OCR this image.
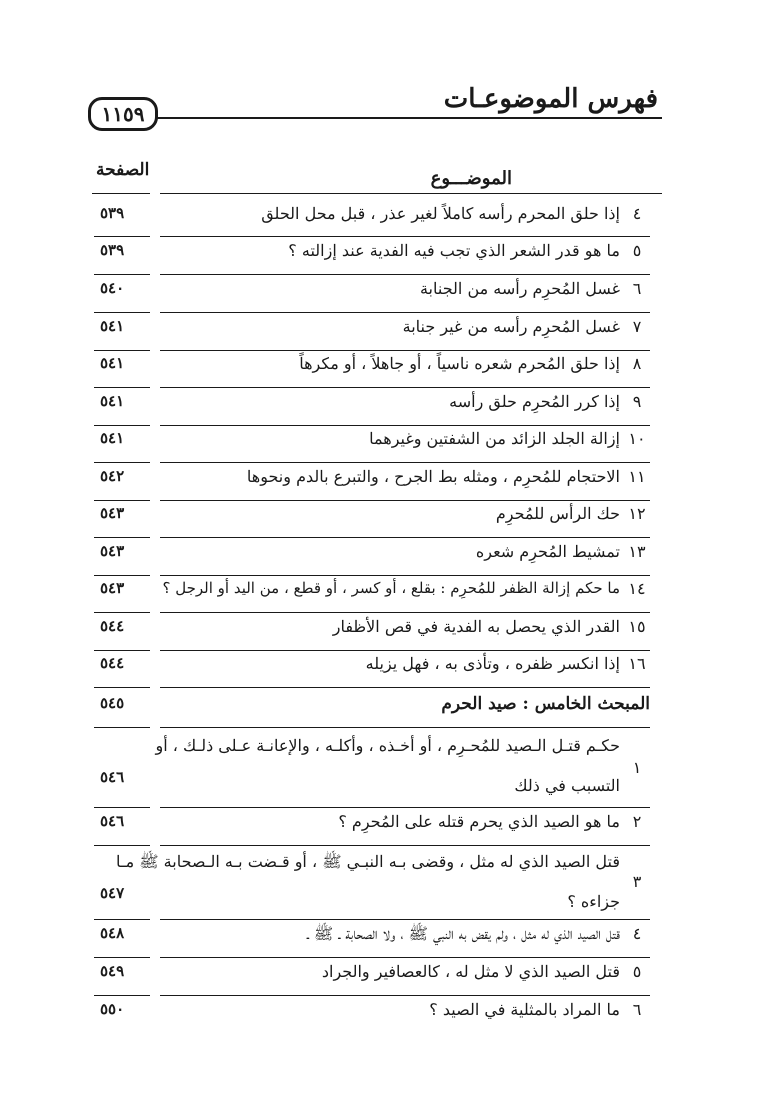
فهرس الموضوعـات
١١٥٩
الموضـــوع
الصفحة
٤
إذا حلق المحرم رأسه كاملاً لغير عذر ، قبل محل الحلق
٥٣٩
٥
ما هو قدر الشعر الذي تجب فيه الفدية عند إزالته ؟
٥٣٩
٦
غسل المُحرِم رأسه من الجنابة
٥٤٠
٧
غسل المُحرِم رأسه من غير جنابة
٥٤١
٨
إذا حلق المُحرم شعره ناسياً ، أو جاهلاً ، أو مكرهاً
٥٤١
٩
إذا كرر المُحرِم حلق رأسه
٥٤١
١٠
إزالة الجلد الزائد من الشفتين وغيرهما
٥٤١
١١
الاحتجام للمُحرِم ، ومثله بط الجرح ، والتبرع بالدم ونحوها
٥٤٢
١٢
حك الرأس للمُحرِم
٥٤٣
١٣
تمشيط المُحرِم شعره
٥٤٣
١٤
ما حكم إزالة الظفر للمُحرِم : بقلع ، أو كسر ، أو قطع ، من اليد أو الرجل ؟
٥٤٣
١٥
القدر الذي يحصل به الفدية في قص الأظفار
٥٤٤
١٦
إذا انكسر ظفره ، وتأذى به ، فهل يزيله
٥٤٤
المبحث الخامس : صيد الحرم
٥٤٥
١
حكـم قتـل الـصيد للمُحـرِم ، أو أخـذه ، وأكلـه ، والإعانـة عـلى ذلـك ، أو
التسبب في ذلك
٥٤٦
٢
ما هو الصيد الذي يحرم قتله على المُحرِم ؟
٥٤٦
٣
قتل الصيد الذي له مثل ، وقضى بـه النبـي ﷺ ، أو قـضت بـه الـصحابة ﷺ مـا
جزاءه ؟
٥٤٧
٤
قتل الصيد الذي له مثل ، ولم يقض به النبي ﷺ ، ولا الصحابة ـ ﷺ ـ
٥٤٨
٥
قتل الصيد الذي لا مثل له ، كالعصافير والجراد
٥٤٩
٦
ما المراد بالمثلية في الصيد ؟
٥٥٠
